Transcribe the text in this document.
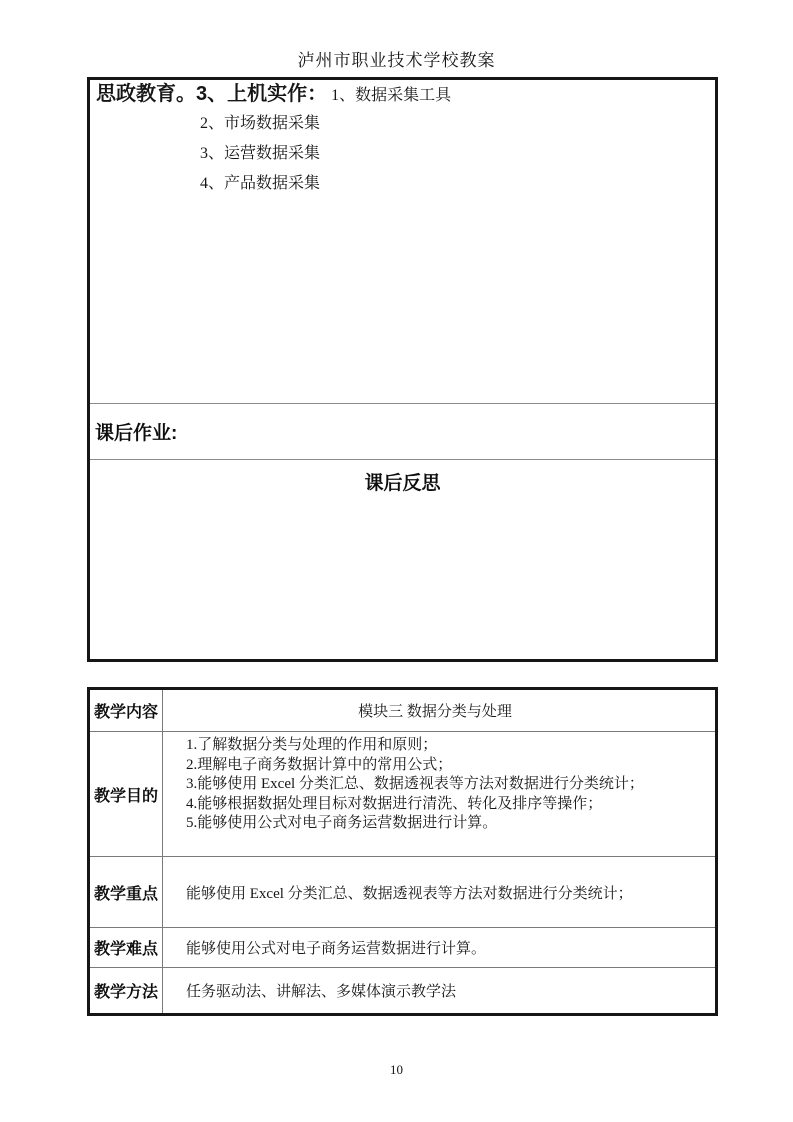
泸州市职业技术学校教案
思政教育。3、上机实作： 1、数据采集工具
2、市场数据采集
3、运营数据采集
4、产品数据采集
课后作业:
课后反思
教学内容	模块三 数据分类与处理
教学目的
1.了解数据分类与处理的作用和原则；
2.理解电子商务数据计算中的常用公式；
3.能够使用 Excel 分类汇总、数据透视表等方法对数据进行分类统计；
4.能够根据数据处理目标对数据进行清洗、转化及排序等操作；
5.能够使用公式对电子商务运营数据进行计算。
教学重点	能够使用 Excel 分类汇总、数据透视表等方法对数据进行分类统计；
教学难点	能够使用公式对电子商务运营数据进行计算。
教学方法	任务驱动法、讲解法、多媒体演示教学法
10
